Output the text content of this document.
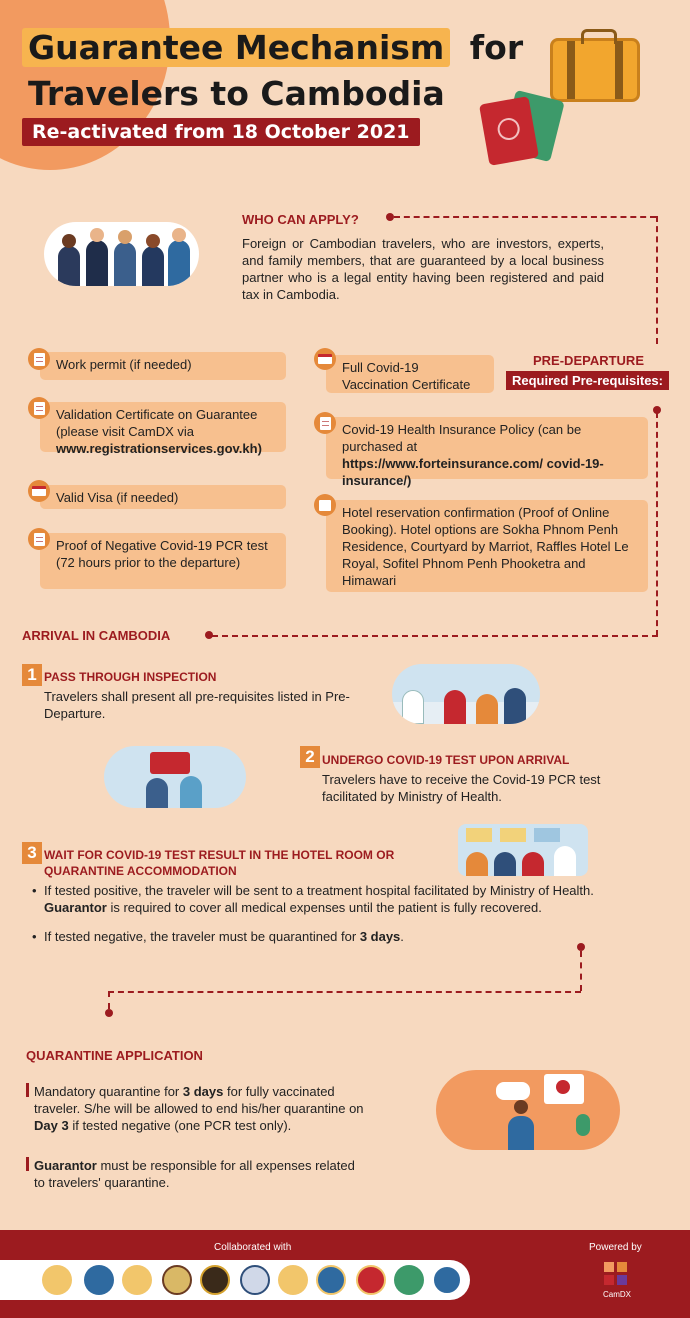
Guarantee Mechanism for
Travelers to Cambodia
Re-activated from 18 October 2021
WHO CAN APPLY?
Foreign or Cambodian travelers, who are investors, experts, and family members, that are guaranteed by a local business partner who is a legal entity having been registered and paid tax in Cambodia.
PRE-DEPARTURE
Required Pre-requisites:
Work permit (if needed)
Validation Certificate on Guarantee (please visit CamDX via
www.registrationservices.gov.kh)
Valid Visa (if needed)
Proof of Negative Covid-19 PCR test (72 hours prior to the departure)
Full Covid-19 Vaccination Certificate
Covid-19 Health Insurance Policy (can be purchased at
https://www.forteinsurance.com/ covid-19-insurance/)
Hotel reservation confirmation (Proof of Online Booking). Hotel options are Sokha Phnom Penh Residence, Courtyard by Marriot, Raffles Hotel Le Royal, Sofitel Phnom Penh Phooketra and Himawari
ARRIVAL IN CAMBODIA
1 PASS THROUGH INSPECTION
Travelers shall present all pre-requisites listed in Pre-Departure.
2 UNDERGO COVID-19 TEST UPON ARRIVAL
Travelers have to receive the Covid-19 PCR test facilitated by Ministry of Health.
3 WAIT FOR COVID-19 TEST RESULT IN THE HOTEL ROOM OR QUARANTINE ACCOMMODATION
• If tested positive, the traveler will be sent to a treatment hospital facilitated by Ministry of Health. Guarantor is required to cover all medical expenses until the patient is fully recovered.
• If tested negative, the traveler must be quarantined for 3 days.
QUARANTINE APPLICATION
Mandatory quarantine for 3 days for fully vaccinated traveler. S/he will be allowed to end his/her quarantine on Day 3 if tested negative (one PCR test only).
Guarantor must be responsible for all expenses related to travelers' quarantine.
Collaborated with	Powered by
CamDX
